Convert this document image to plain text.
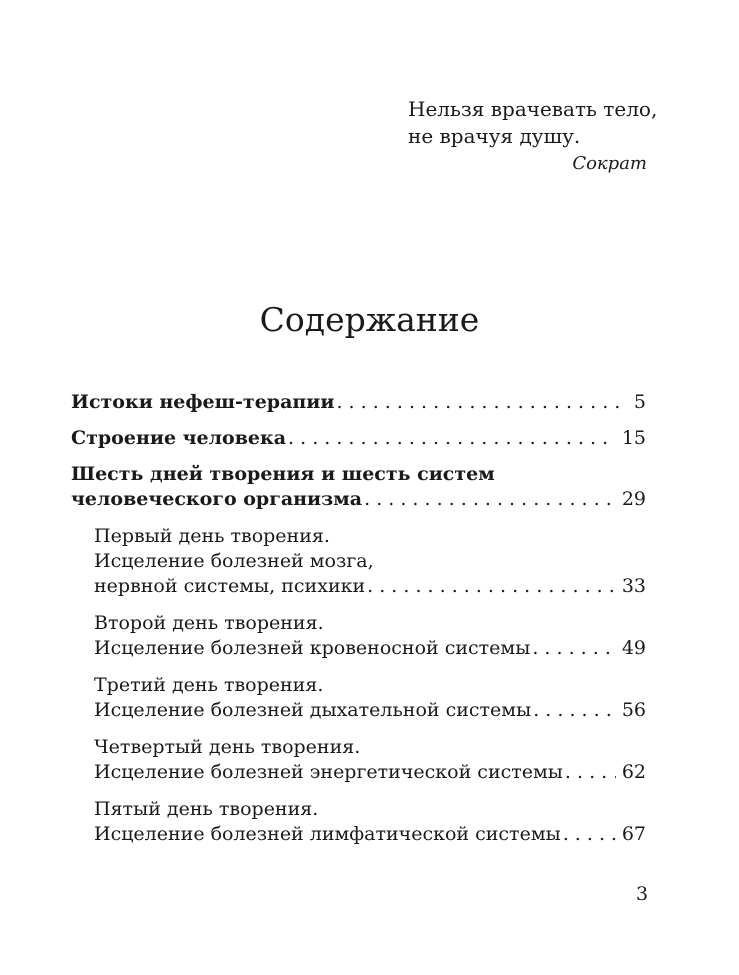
Нельзя врачевать тело,
не врачуя душу.
Сократ
Содержание
Истоки нефеш-терапии . . .	5
Строение человека . . .	15
Шесть дней творения и шесть систем
человеческого организма . . .	29
Первый день творения.
Исцеление болезней мозга,
нервной системы, психики . . .	33
Второй день творения.
Исцеление болезней кровеносной системы . . .	49
Третий день творения.
Исцеление болезней дыхательной системы . . .	56
Четвертый день творения.
Исцеление болезней энергетической системы . . .	62
Пятый день творения.
Исцеление болезней лимфатической системы . . .	67
3
